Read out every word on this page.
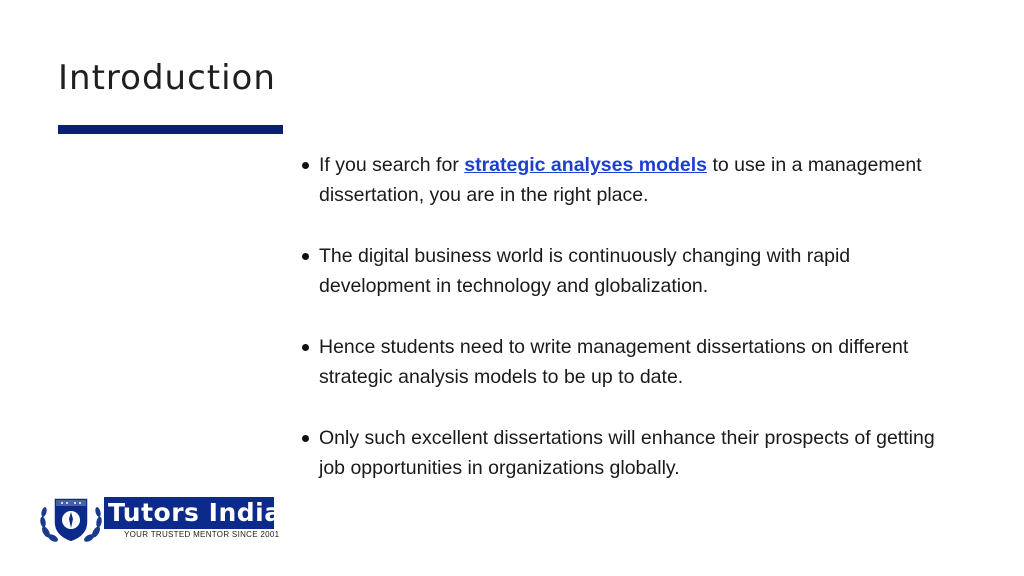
Introduction
If you search for strategic analyses models to use in a management dissertation, you are in the right place.
The digital business world is continuously changing with rapid development in technology and globalization.
Hence students need to write management dissertations on different strategic analysis models to be up to date.
Only such excellent dissertations will enhance their prospects of getting job opportunities in organizations globally.
Tutors India
YOUR TRUSTED MENTOR SINCE 2001
